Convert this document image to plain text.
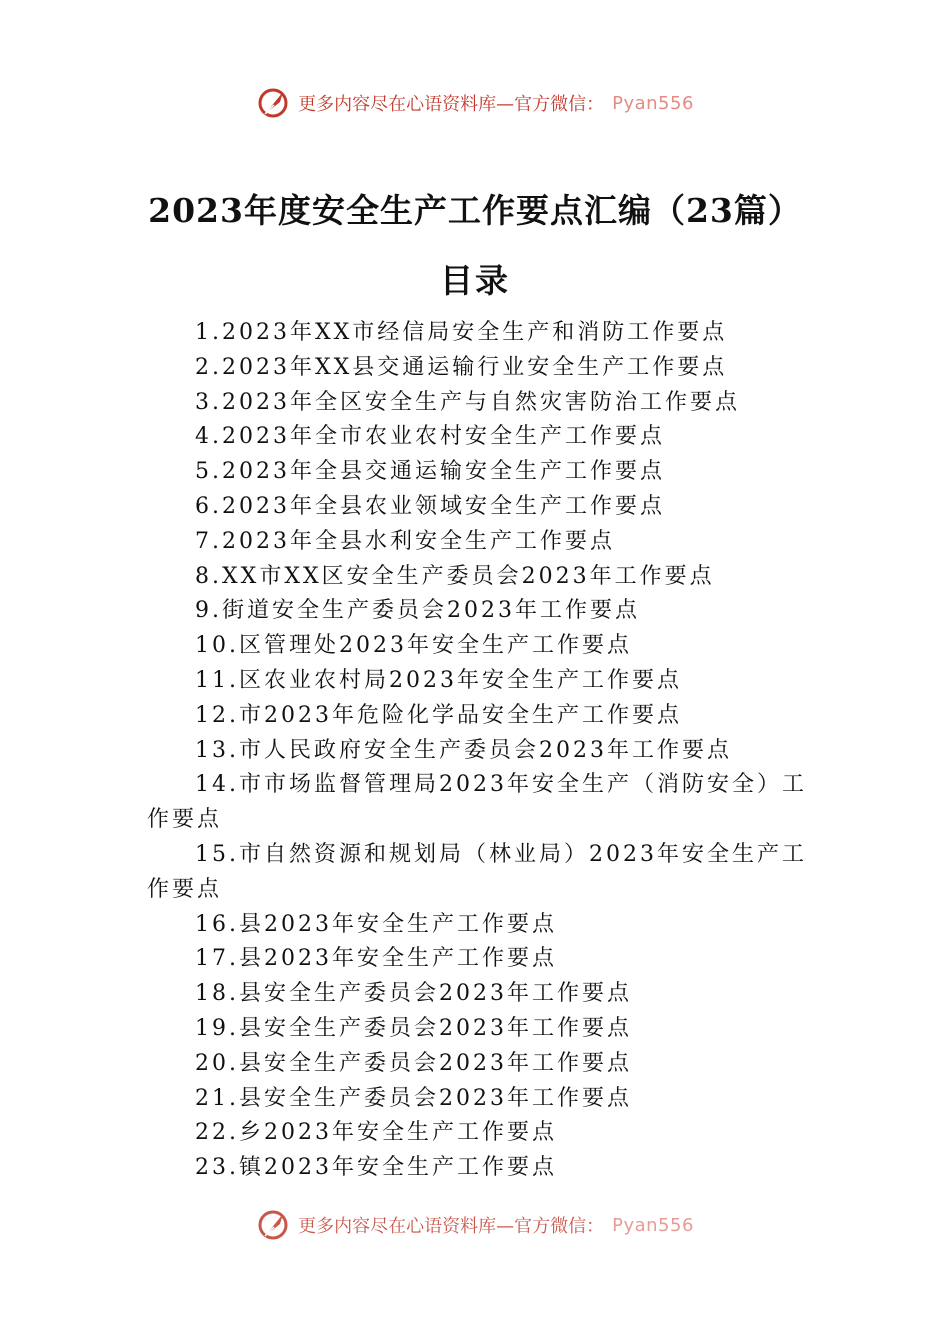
更多内容尽在心语资料库—官方微信： Pyan556
2023年度安全生产工作要点汇编（23篇）
目录
1.2023年XX市经信局安全生产和消防工作要点
2.2023年XX县交通运输行业安全生产工作要点
3.2023年全区安全生产与自然灾害防治工作要点
4.2023年全市农业农村安全生产工作要点
5.2023年全县交通运输安全生产工作要点
6.2023年全县农业领域安全生产工作要点
7.2023年全县水利安全生产工作要点
8.XX市XX区安全生产委员会2023年工作要点
9.街道安全生产委员会2023年工作要点
10.区管理处2023年安全生产工作要点
11.区农业农村局2023年安全生产工作要点
12.市2023年危险化学品安全生产工作要点
13.市人民政府安全生产委员会2023年工作要点
14.市市场监督管理局2023年安全生产（消防安全）工作要点
15.市自然资源和规划局（林业局）2023年安全生产工作要点
16.县2023年安全生产工作要点
17.县2023年安全生产工作要点
18.县安全生产委员会2023年工作要点
19.县安全生产委员会2023年工作要点
20.县安全生产委员会2023年工作要点
21.县安全生产委员会2023年工作要点
22.乡2023年安全生产工作要点
23.镇2023年安全生产工作要点
更多内容尽在心语资料库—官方微信： Pyan556
